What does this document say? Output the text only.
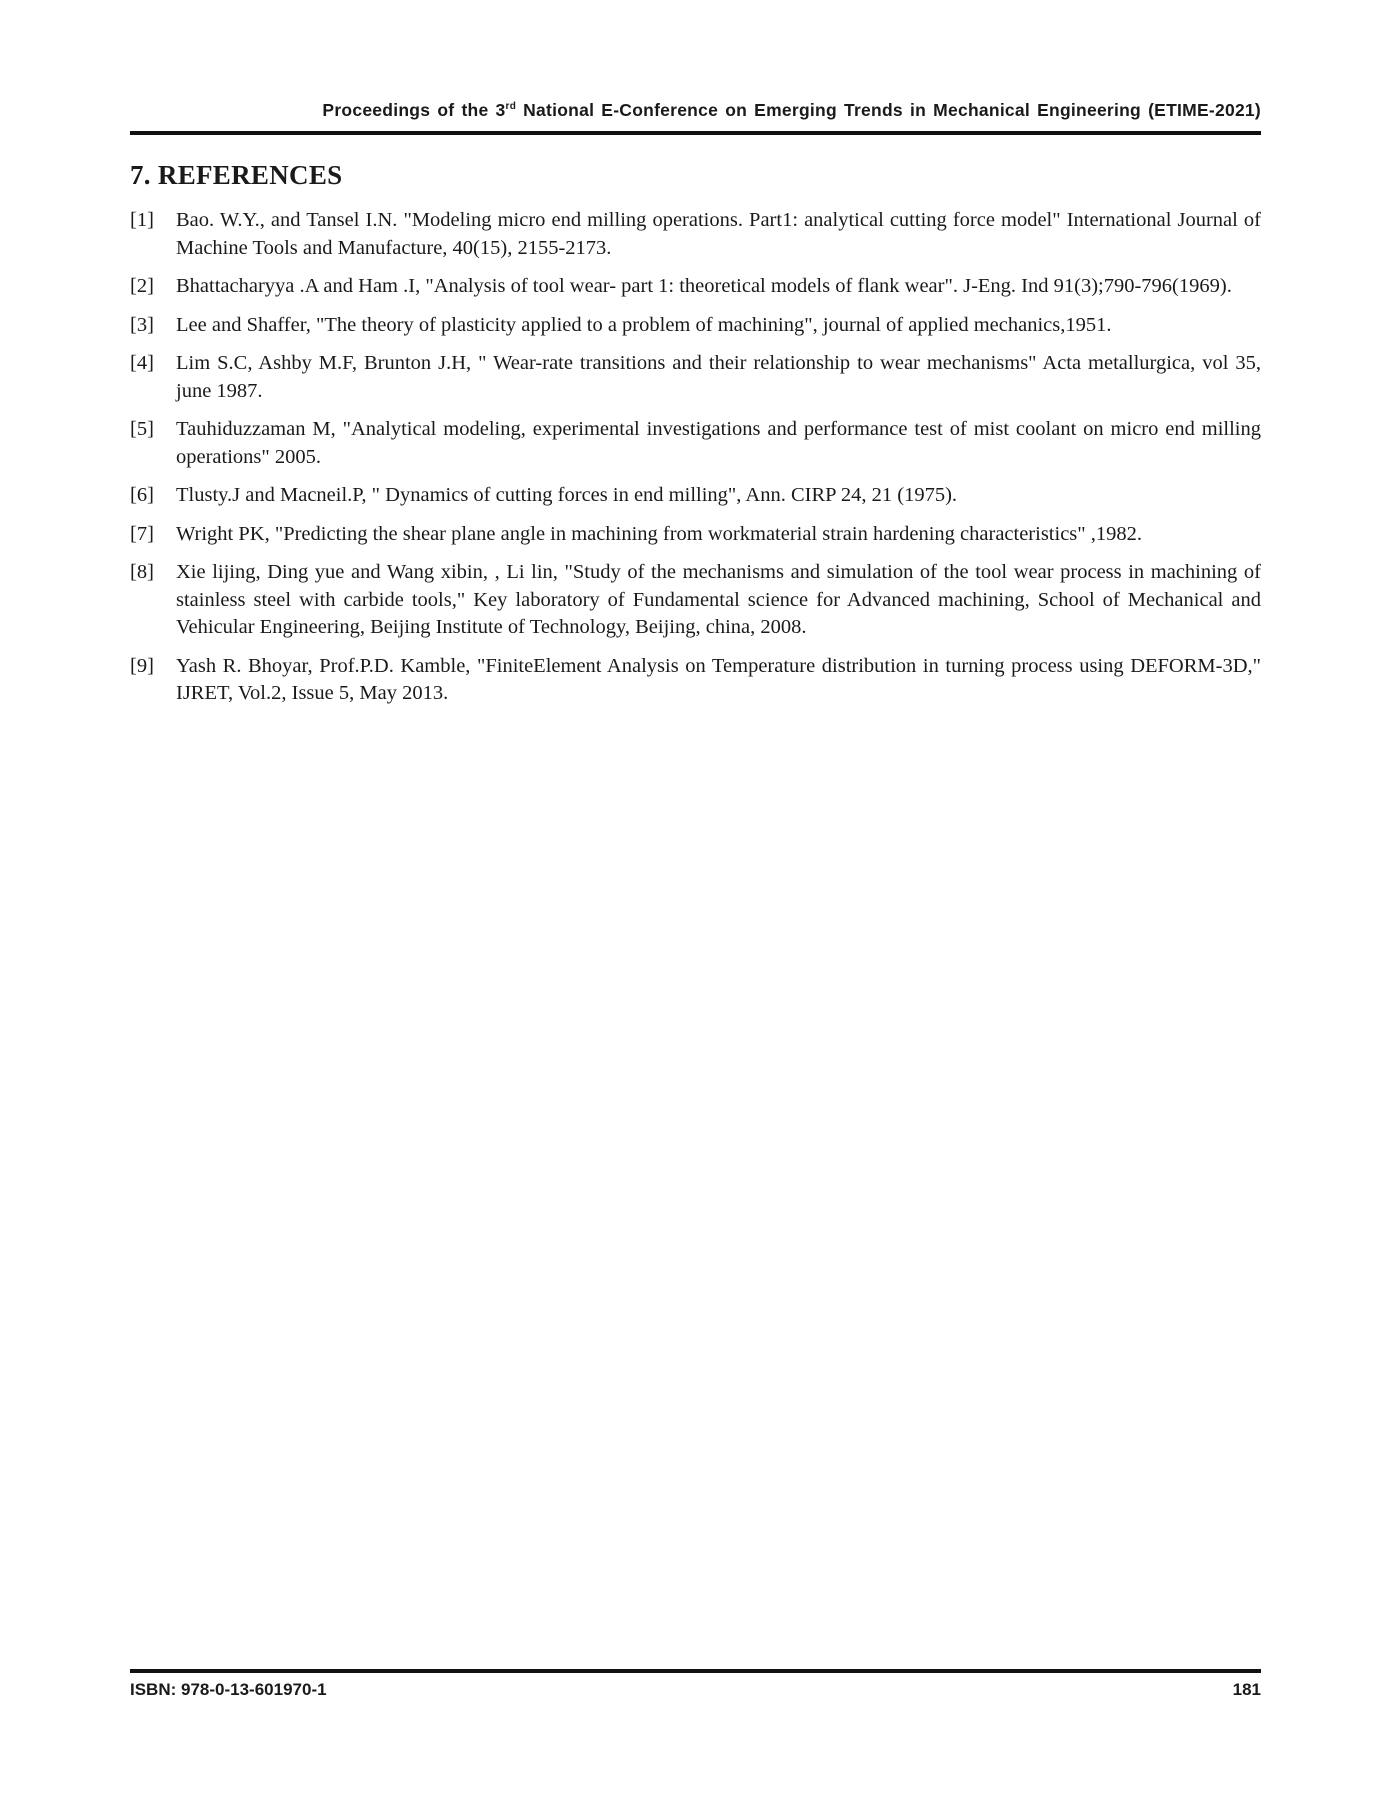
Proceedings of the 3rd National E-Conference on Emerging Trends in Mechanical Engineering (ETIME-2021)
7. REFERENCES
[1]	Bao. W.Y., and Tansel I.N. "Modeling micro end milling operations. Part1: analytical cutting force model" International Journal of Machine Tools and Manufacture, 40(15), 2155-2173.
[2]	Bhattacharyya .A and Ham .I, "Analysis of tool wear- part 1: theoretical models of flank wear". J-Eng. Ind 91(3);790-796(1969).
[3]	Lee and Shaffer, "The theory of plasticity applied to a problem of machining", journal of applied mechanics,1951.
[4]	Lim S.C, Ashby M.F, Brunton J.H, " Wear-rate transitions and their relationship to wear mechanisms" Acta metallurgica, vol 35, june 1987.
[5]	Tauhiduzzaman M, "Analytical modeling, experimental investigations and performance test of mist coolant on micro end milling operations" 2005.
[6]	Tlusty.J and Macneil.P, " Dynamics of cutting forces in end milling", Ann. CIRP 24, 21 (1975).
[7]	Wright PK, "Predicting the shear plane angle in machining from workmaterial strain hardening characteristics" ,1982.
[8]	Xie lijing, Ding yue and Wang xibin, , Li lin, "Study of the mechanisms and simulation of the tool wear process in machining of stainless steel with carbide tools," Key laboratory of Fundamental science for Advanced machining, School of Mechanical and Vehicular Engineering, Beijing Institute of Technology, Beijing, china, 2008.
[9]	Yash R. Bhoyar, Prof.P.D. Kamble, "FiniteElement Analysis on Temperature distribution in turning process using DEFORM-3D," IJRET, Vol.2, Issue 5, May 2013.
ISBN: 978-0-13-601970-1	181
